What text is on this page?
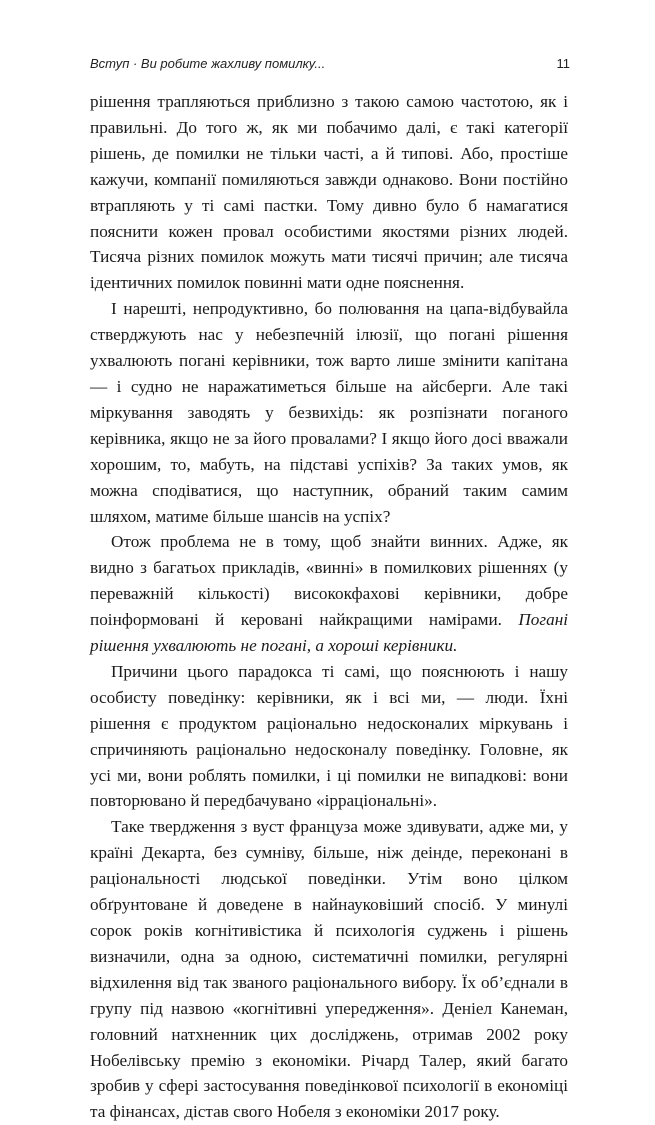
Вступ · Ви робите жахливу помилку...	11

рішення трапляються приблизно з такою самою частотою, як і правильні. До того ж, як ми побачимо далі, є такі категорії рішень, де помилки не тільки часті, а й типові. Або, простіше кажучи, компанії помиляються завжди однаково. Вони постійно втрапляють у ті самі пастки. Тому дивно було б намагатися пояснити кожен провал особистими якостями різних людей. Тисяча різних помилок можуть мати тисячі причин; але тисяча ідентичних помилок повинні мати одне пояснення.

І нарешті, непродуктивно, бо полювання на цапа-відбувайла стверджують нас у небезпечній ілюзії, що погані рішення ухвалюють погані керівники, тож варто лише змінити капітана — і судно не наражатиметься більше на айсберги. Але такі міркування заводять у безвихідь: як розпізнати поганого керівника, якщо не за його провалами? І якщо його досі вважали хорошим, то, мабуть, на підставі успіхів? За таких умов, як можна сподіватися, що наступник, обраний таким самим шляхом, матиме більше шансів на успіх?

Отож проблема не в тому, щоб знайти винних. Адже, як видно з багатьох прикладів, «винні» в помилкових рішеннях (у переважній кількості) висококфахові керівники, добре поінформовані й керовані найкращими намірами. Погані рішення ухвалюють не погані, а хороші керівники.

Причини цього парадокса ті самі, що пояснюють і нашу особисту поведінку: керівники, як і всі ми, — люди. Їхні рішення є продуктом раціонально недосконалих міркувань і спричиняють раціонально недосконалу поведінку. Головне, як усі ми, вони роблять помилки, і ці помилки не випадкові: вони повторювано й передбачувано «ірраціональні».

Таке твердження з вуст француза може здивувати, адже ми, у країні Декарта, без сумніву, більше, ніж деінде, переконані в раціональності людської поведінки. Утім воно цілком обґрунтоване й доведене в найнауковіший спосіб. У минулі сорок років когнітивістика й психологія суджень і рішень визначили, одна за одною, систематичні помилки, регулярні відхилення від так званого раціонального вибору. Їх об’єднали в групу під назвою «когнітивні упередження». Деніел Канеман, головний натхненник цих досліджень, отримав 2002 року Нобелівську премію з економіки. Річард Талер, який багато зробив у сфері застосування поведінкової психології в економіці та фінансах, дістав свого Нобеля з економіки 2017 року.
